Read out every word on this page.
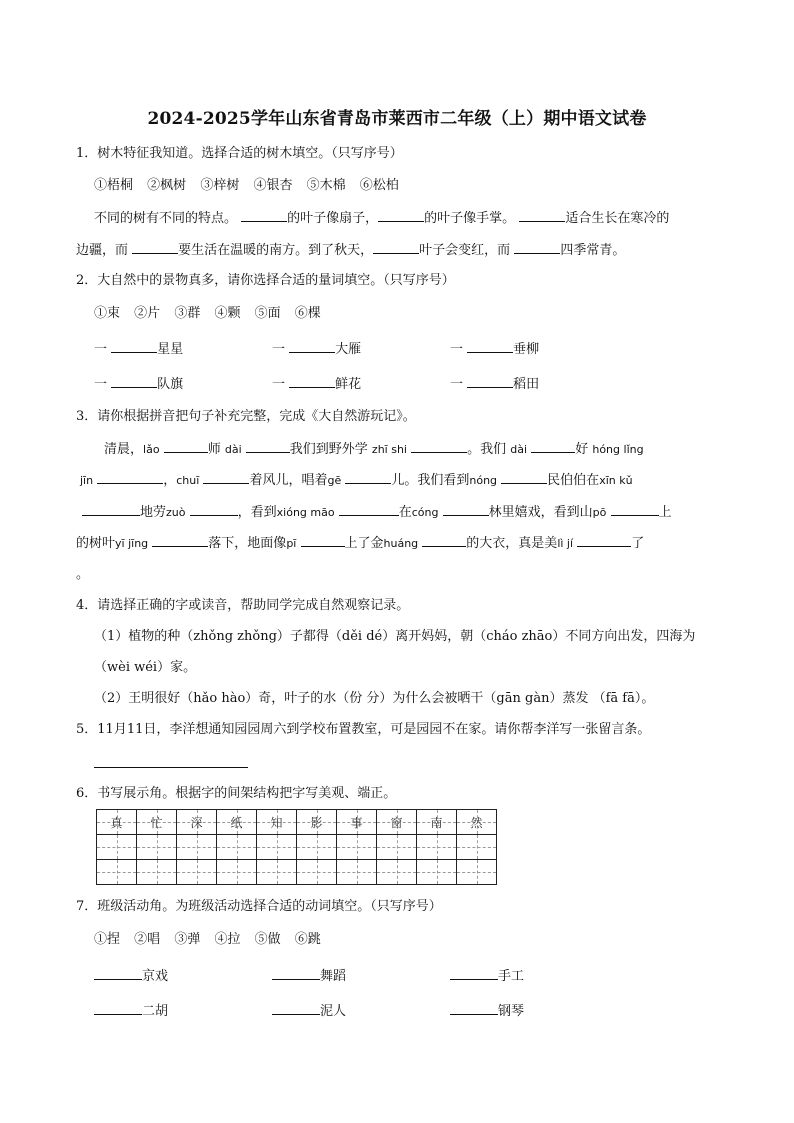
2024-2025学年山东省青岛市莱西市二年级（上）期中语文试卷
1．树木特征我知道。选择合适的树木填空。（只写序号）
①梧桐 ②枫树 ③梓树 ④银杏 ⑤木棉 ⑥松柏
不同的树有不同的特点。	的叶子像扇子，	的叶子像手掌。	适合生长在寒冷的
边疆，而	要生活在温暖的南方。到了秋天，	叶子会变红，而	四季常青。
2．大自然中的景物真多，请你选择合适的量词填空。（只写序号）
①束 ②片 ③群 ④颗 ⑤面 ⑥棵
一	星星	一	大雁	一	垂柳
一	队旗	一	鲜花	一	稻田
3．请你根据拼音把句子补充完整，完成《大自然游玩记》。
清晨，lǎo	师 dài	我们到野外学 zhī shi	。我们 dài	好 hóng lǐng
jīn	，chuī	着风儿，唱着gē	儿。我们看到nóng	民伯伯在xīn kǔ
地劳zuò	，看到xióng māo	在cóng	林里嬉戏，看到山pō	上
的树叶yī jīng	落下，地面像pī	上了金huáng	的大衣，真是美lì jí	了
。
4．请选择正确的字或读音，帮助同学完成自然观察记录。
（1）植物的种（zhǒng zhǒng）子都得（děi dé）离开妈妈，朝（cháo zhāo）不同方向出发，四海为
（wèi wéi）家。
（2）王明很好（hǎo hào）奇，叶子的水（份 分）为什么会被晒干（gān gàn）蒸发 （fā fā）。
5．11月11日，李洋想通知园园周六到学校布置教室，可是园园不在家。请你帮李洋写一张留言条。
6．书写展示角。根据字的间架结构把字写美观、端正。
真	忙	深	纸	知	影	事	窗	南	然

7．班级活动角。为班级活动选择合适的动词填空。（只写序号）
①捏 ②唱 ③弹 ④拉 ⑤做 ⑥跳
京戏	舞蹈	手工
二胡	泥人	钢琴
